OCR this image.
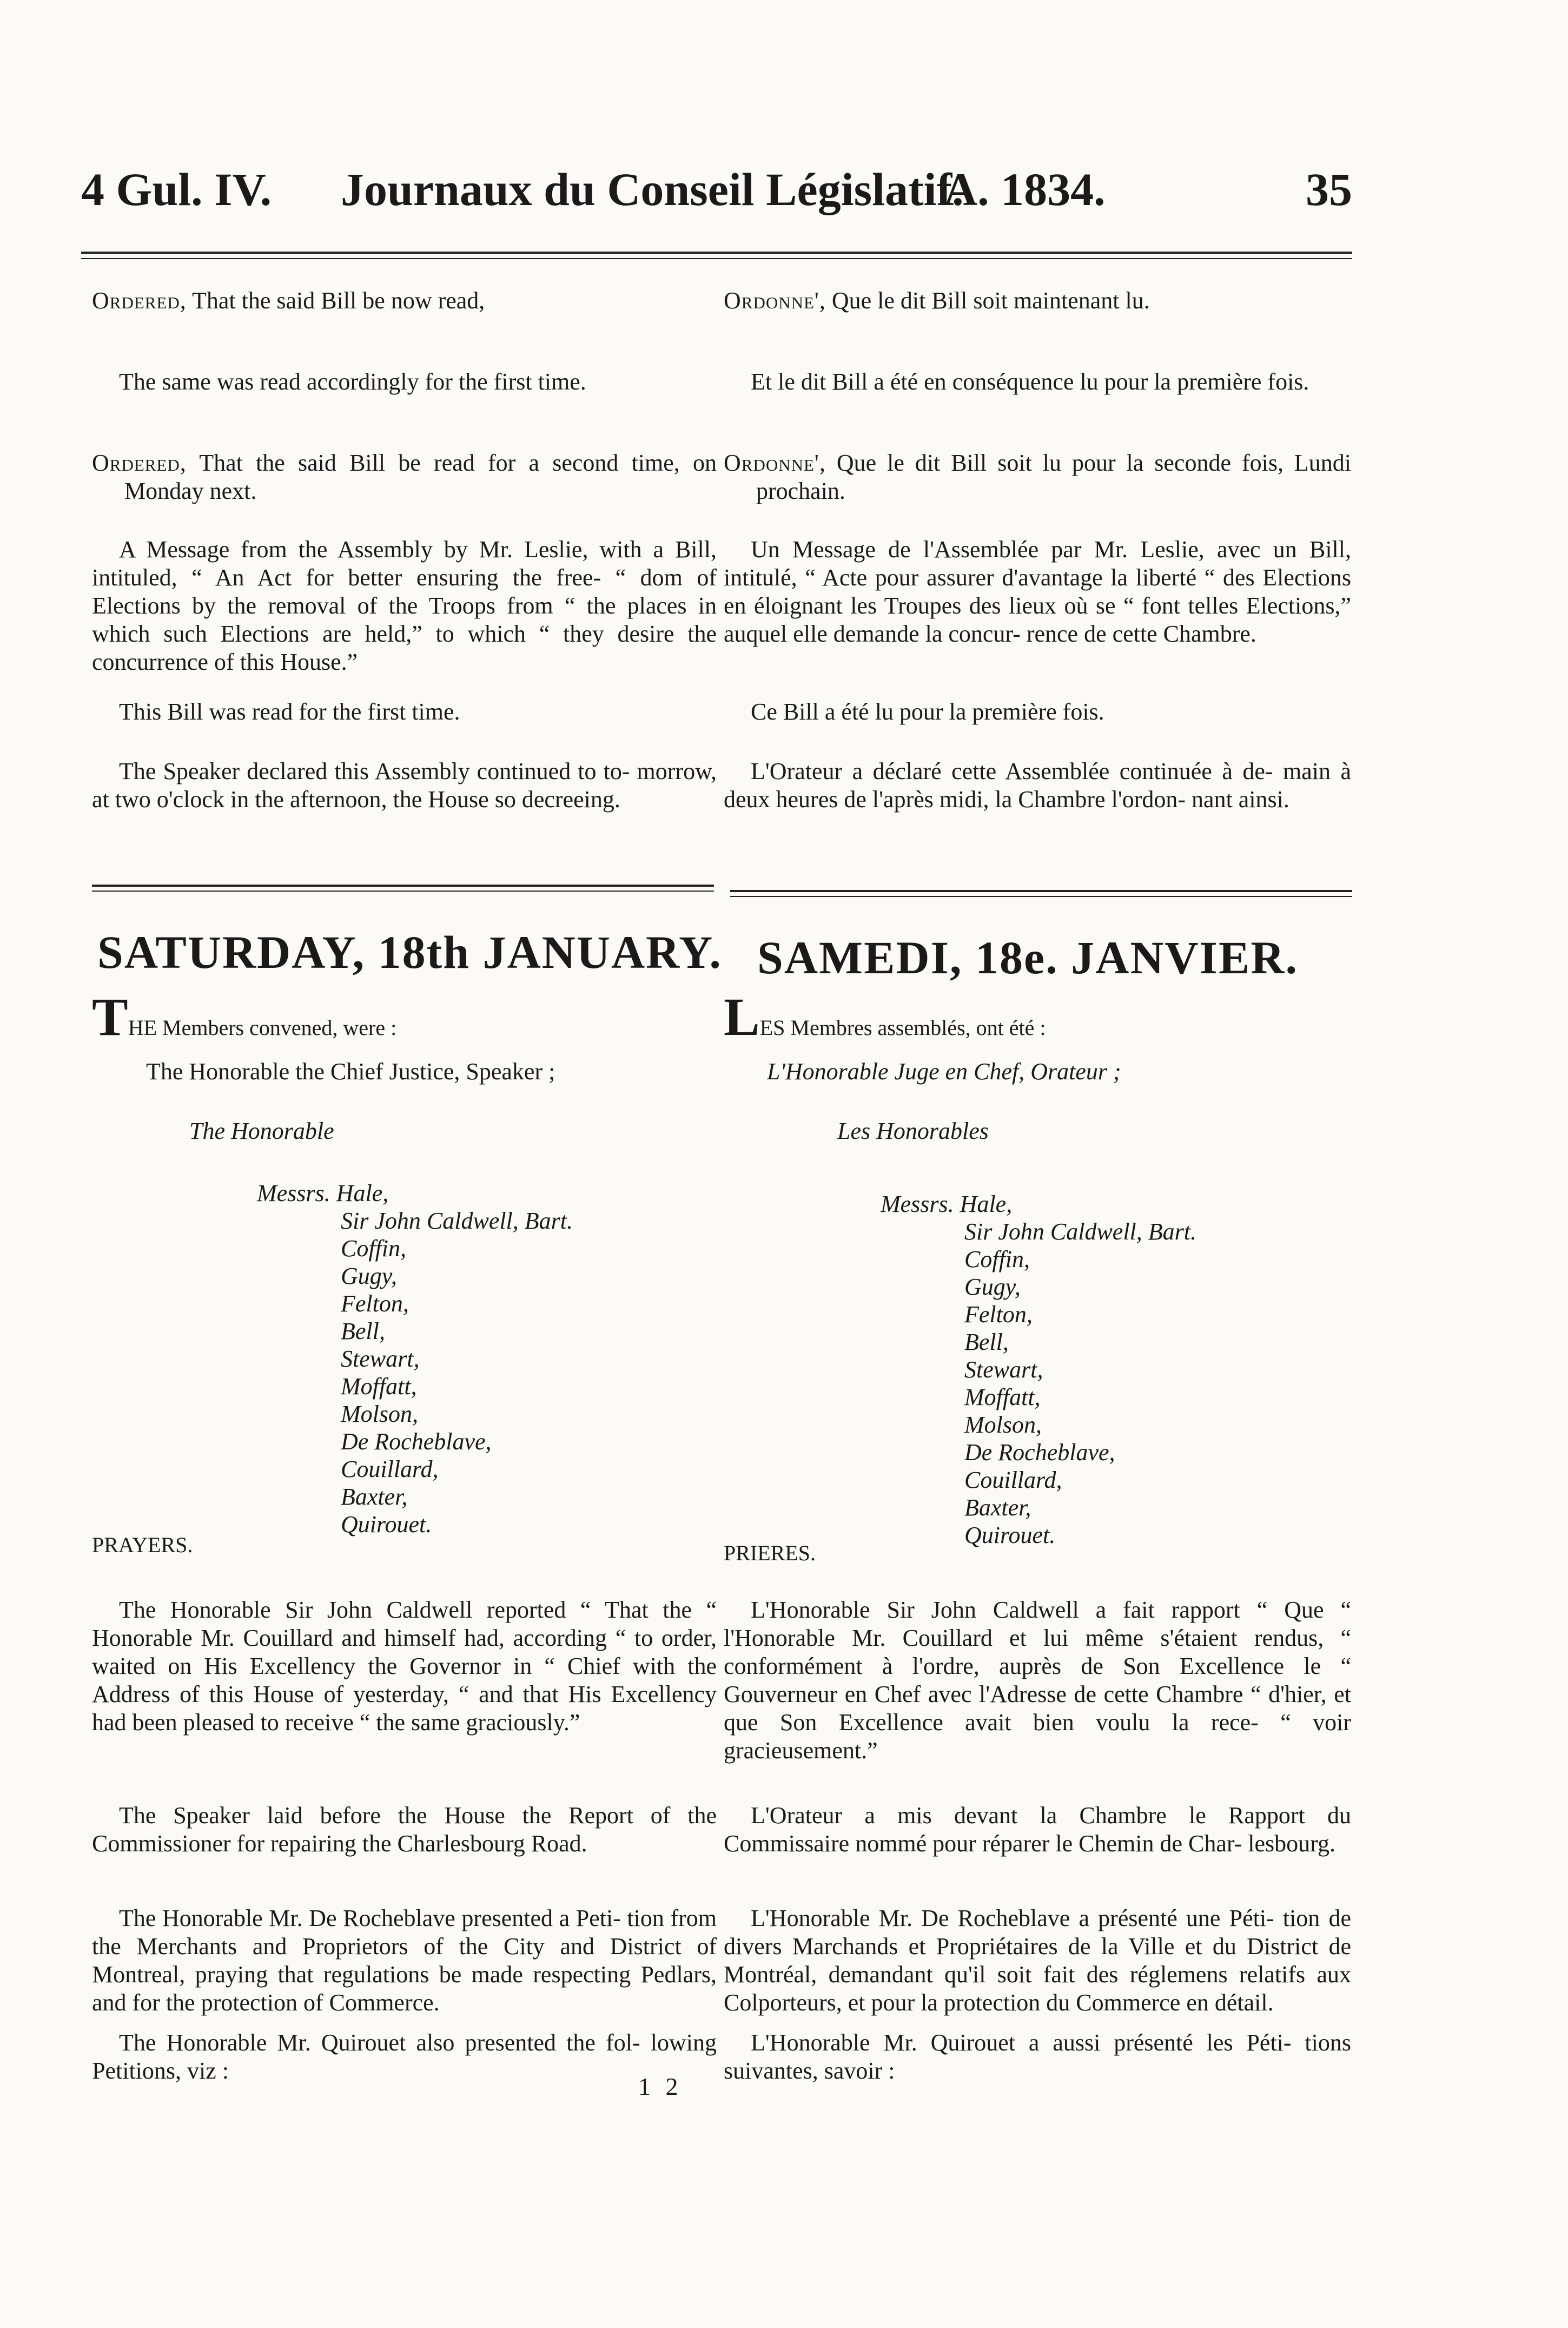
4 Gul. IV. Journaux du Conseil Législatif.
A. 1834.	35

Ordered, That the said Bill be now read,

The same was read accordingly for the first time.

Ordered, That the said Bill be read for a second time, on Monday next.

A Message from the Assembly by Mr. Leslie, with a Bill, intituled, “ An Act for better ensuring the free- “ dom of Elections by the removal of the Troops from “ the places in which such Elections are held,” to which “ they desire the concurrence of this House.”

This Bill was read for the first time.

The Speaker declared this Assembly continued to to- morrow, at two o'clock in the afternoon, the House so decreeing.

Ordonne', Que le dit Bill soit maintenant lu.

Et le dit Bill a été en conséquence lu pour la première fois.

Ordonne', Que le dit Bill soit lu pour la seconde fois, Lundi prochain.

Un Message de l'Assemblée par Mr. Leslie, avec un Bill, intitulé, “ Acte pour assurer d'avantage la liberté “ des Elections en éloignant les Troupes des lieux où se “ font telles Elections,” auquel elle demande la concur- rence de cette Chambre.

Ce Bill a été lu pour la première fois.

L'Orateur a déclaré cette Assemblée continuée à de- main à deux heures de l'après midi, la Chambre l'ordon- nant ainsi.

SATURDAY, 18th JANUARY. SAMEDI, 18e. JANVIER.

THE Members convened, were :

The Honorable the Chief Justice, Speaker ;

The Honorable

Messrs. Hale,
Sir John Caldwell, Bart.
Coffin,
Gugy,
Felton,
Bell,
Stewart,
Moffatt,
Molson,
De Rocheblave,
Couillard,
Baxter,
Quirouet.

PRAYERS.

The Honorable Sir John Caldwell reported “ That the “ Honorable Mr. Couillard and himself had, according “ to order, waited on His Excellency the Governor in “ Chief with the Address of this House of yesterday, “ and that His Excellency had been pleased to receive “ the same graciously.”

The Speaker laid before the House the Report of the Commissioner for repairing the Charlesbourg Road.

The Honorable Mr. De Rocheblave presented a Peti- tion from the Merchants and Proprietors of the City and District of Montreal, praying that regulations be made respecting Pedlars, and for the protection of Commerce.

The Honorable Mr. Quirouet also presented the fol- lowing Petitions, viz :

LES Membres assemblés, ont été :

L'Honorable Juge en Chef, Orateur ;

Les Honorables

Messrs. Hale,
Sir John Caldwell, Bart.
Coffin,
Gugy,
Felton,
Bell,
Stewart,
Moffatt,
Molson,
De Rocheblave,
Couillard,
Baxter,
Quirouet.

PRIERES.

L'Honorable Sir John Caldwell a fait rapport “ Que “ l'Honorable Mr. Couillard et lui même s'étaient rendus, “ conformément à l'ordre, auprès de Son Excellence le “ Gouverneur en Chef avec l'Adresse de cette Chambre “ d'hier, et que Son Excellence avait bien voulu la rece- “ voir gracieusement.”

L'Orateur a mis devant la Chambre le Rapport du Commissaire nommé pour réparer le Chemin de Char- lesbourg.

L'Honorable Mr. De Rocheblave a présenté une Péti- tion de divers Marchands et Propriétaires de la Ville et du District de Montréal, demandant qu'il soit fait des réglemens relatifs aux Colporteurs, et pour la protection du Commerce en détail.

L'Honorable Mr. Quirouet a aussi présenté les Péti- tions suivantes, savoir :

1 2
